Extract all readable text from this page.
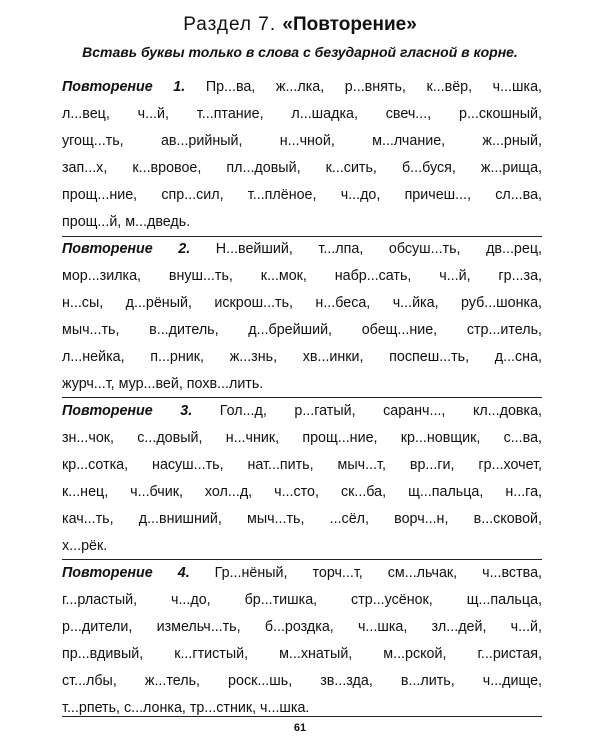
Раздел 7. «Повторение»
Вставь буквы только в слова с безударной гласной в корне.
Повторение 1. Пр...ва, ж...лка, р...внять, к...вёр, ч...шка,
л...вец, ч...й, т...птание, л...шадка, свеч..., р...скошный,
угощ...ть, ав...рийный, н...чной, м...лчание, ж...рный,
зап...х, к...врово​е, пл...довый, к...сить, б...буся, ж...рища,
прощ...ние, спр...сил, т...плёное, ч...до, причеш..., сл...ва,
прощ...й, м...дведь.
Повторение 2. Н...вейший, т...лпа, обсуш...ть, дв...рец,
мор...зилка, внуш...ть, к...мок, набр...сать, ч...й, гр...за,
н...сы, д...рёный, искрош...ть, н...беса, ч...йка, руб...шонка,
мыч...ть, в...дитель, д...брейший, обещ...ние, стр...итель,
л...нейка, п...рник, ж...знь, хв...инки, поспеш...ть, д...сна,
журч...т, мур...вей, похв...лить.
Повторение 3. Гол...д, р...гатый, саранч..., кл...довка,
зн...чок, с...довый, н...чник, прощ...ние, кр...новщик, с...ва,
кр...сотка, насуш...ть, нат...пить, мыч...т, вр...ги, гр...хочет,
к...нец, ч...бчик, хол...д, ч...сто, ск...ба, щ...пальца, н...га,
кач...ть, д...внишний, мыч...ть, ...сёл, ворч...н, в...сковой,
х...рёк.
Повторение 4. Гр...нёный, торч...т, см...льчак, ч...вства,
г...рластый, ч...до, бр...тишка, стр...усёнок, щ...пальца,
р...дители, измельч...ть, б...роздка, ч...шка, зл...дей, ч...й,
пр...вдивый, к...гтистый, м...хнатый, м...рской, г...ристая,
ст...лбы, ж...тель, роск...шь, зв...зда, в...лить, ч...дище,
т...рпеть, с...лонка, тр...стник, ч...шка.
61
